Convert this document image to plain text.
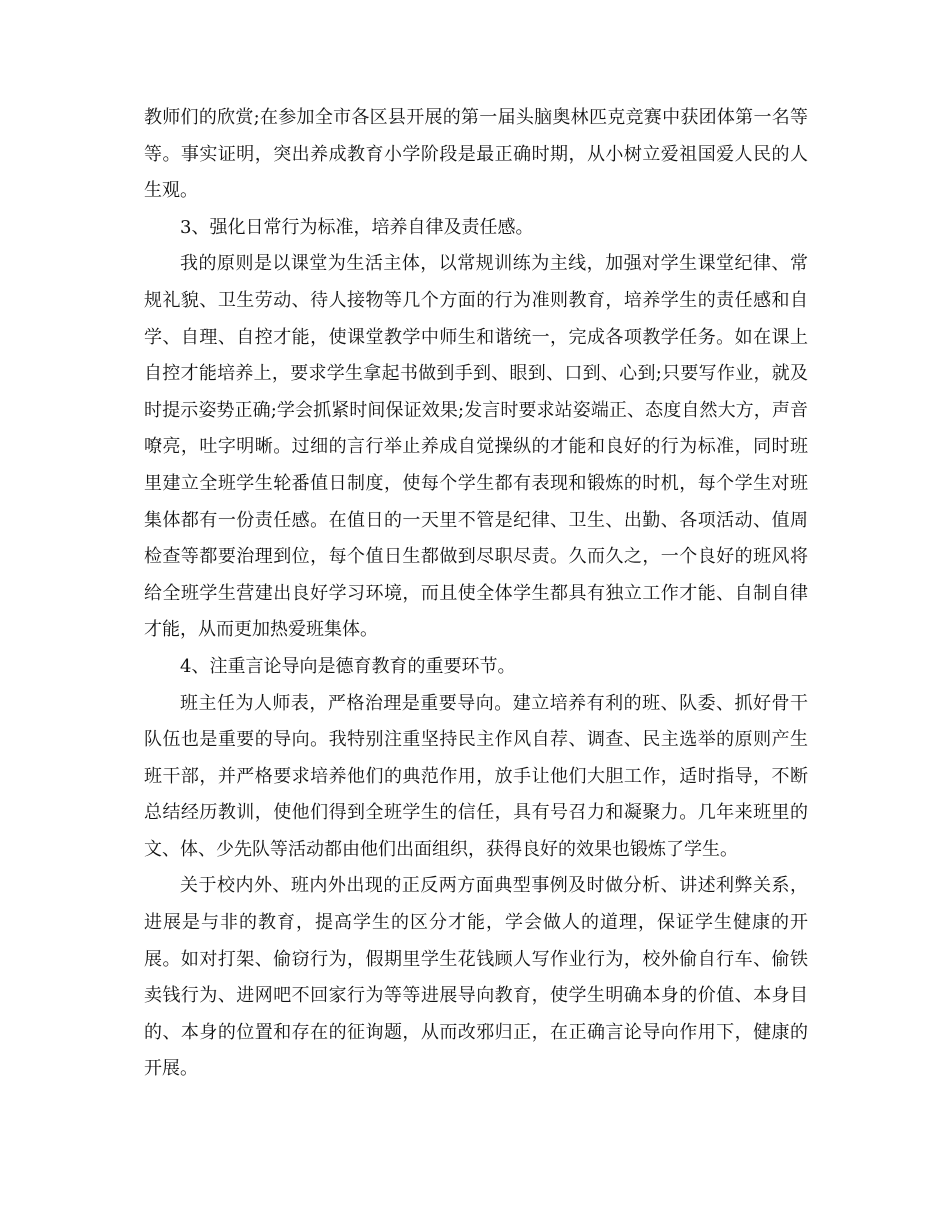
教师们的欣赏;在参加全市各区县开展的第一届头脑奥林匹克竞赛中获团体第一名等等。事实证明，突出养成教育小学阶段是最正确时期，从小树立爱祖国爱人民的人生观。

3、强化日常行为标准，培养自律及责任感。

我的原则是以课堂为生活主体，以常规训练为主线，加强对学生课堂纪律、常规礼貌、卫生劳动、待人接物等几个方面的行为准则教育，培养学生的责任感和自学、自理、自控才能，使课堂教学中师生和谐统一，完成各项教学任务。如在课上自控才能培养上，要求学生拿起书做到手到、眼到、口到、心到;只要写作业，就及时提示姿势正确;学会抓紧时间保证效果;发言时要求站姿端正、态度自然大方，声音嘹亮，吐字明晰。过细的言行举止养成自觉操纵的才能和良好的行为标准，同时班里建立全班学生轮番值日制度，使每个学生都有表现和锻炼的时机，每个学生对班集体都有一份责任感。在值日的一天里不管是纪律、卫生、出勤、各项活动、值周检查等都要治理到位，每个值日生都做到尽职尽责。久而久之，一个良好的班风将给全班学生营建出良好学习环境，而且使全体学生都具有独立工作才能、自制自律才能，从而更加热爱班集体。

4、注重言论导向是德育教育的重要环节。

班主任为人师表，严格治理是重要导向。建立培养有利的班、队委、抓好骨干队伍也是重要的导向。我特别注重坚持民主作风自荐、调查、民主选举的原则产生班干部，并严格要求培养他们的典范作用，放手让他们大胆工作，适时指导，不断总结经历教训，使他们得到全班学生的信任，具有号召力和凝聚力。几年来班里的文、体、少先队等活动都由他们出面组织，获得良好的效果也锻炼了学生。

关于校内外、班内外出现的正反两方面典型事例及时做分析、讲述利弊关系，进展是与非的教育，提高学生的区分才能，学会做人的道理，保证学生健康的开展。如对打架、偷窃行为，假期里学生花钱顾人写作业行为，校外偷自行车、偷铁卖钱行为、进网吧不回家行为等等进展导向教育，使学生明确本身的价值、本身目的、本身的位置和存在的征询题，从而改邪归正，在正确言论导向作用下，健康的开展。
